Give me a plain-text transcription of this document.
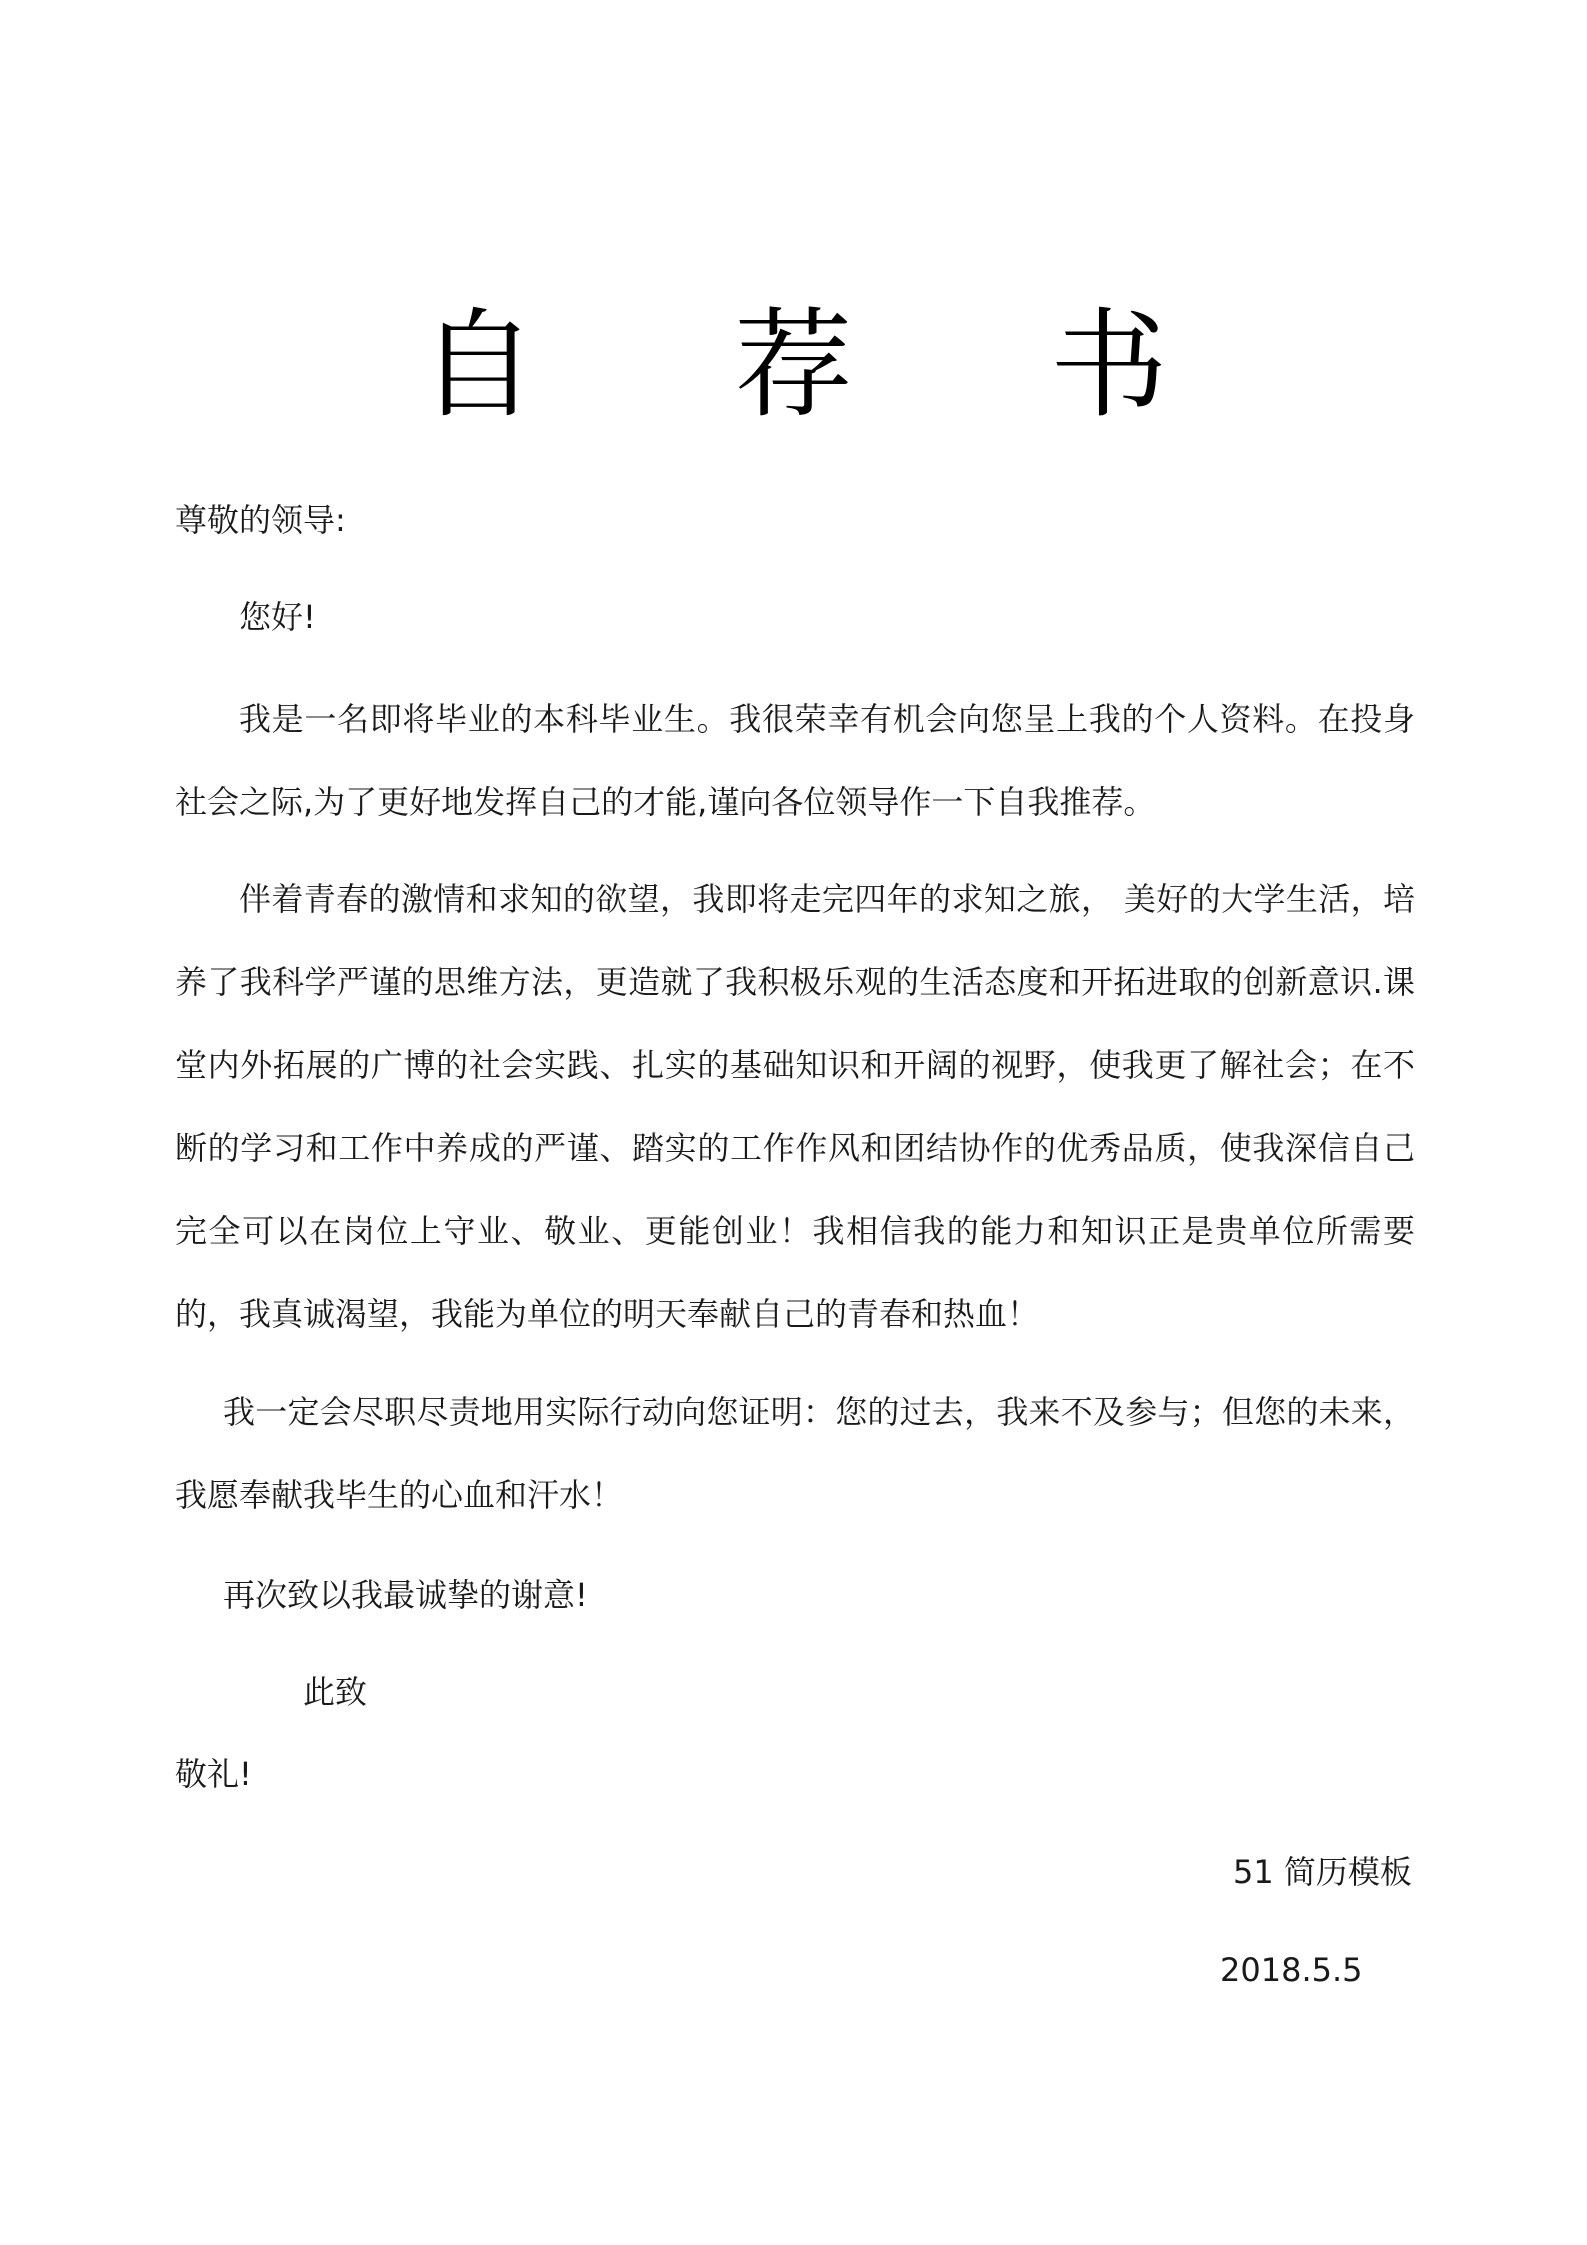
自 荐 书
尊敬的领导:
您好!
我是一名即将毕业的本科毕业生。我很荣幸有机会向您呈上我的个人资料。在投身社会之际,为了更好地发挥自己的才能,谨向各位领导作一下自我推荐。
伴着青春的激情和求知的欲望，我即将走完四年的求知之旅， 美好的大学生活，培养了我科学严谨的思维方法，更造就了我积极乐观的生活态度和开拓进取的创新意识.课堂内外拓展的广博的社会实践、扎实的基础知识和开阔的视野，使我更了解社会；在不断的学习和工作中养成的严谨、踏实的工作作风和团结协作的优秀品质，使我深信自己完全可以在岗位上守业、敬业、更能创业！我相信我的能力和知识正是贵单位所需要的，我真诚渴望，我能为单位的明天奉献自己的青春和热血！
我一定会尽职尽责地用实际行动向您证明：您的过去，我来不及参与；但您的未来，我愿奉献我毕生的心血和汗水！
再次致以我最诚挚的谢意!
此致
敬礼!
51 简历模板
2018.5.5
